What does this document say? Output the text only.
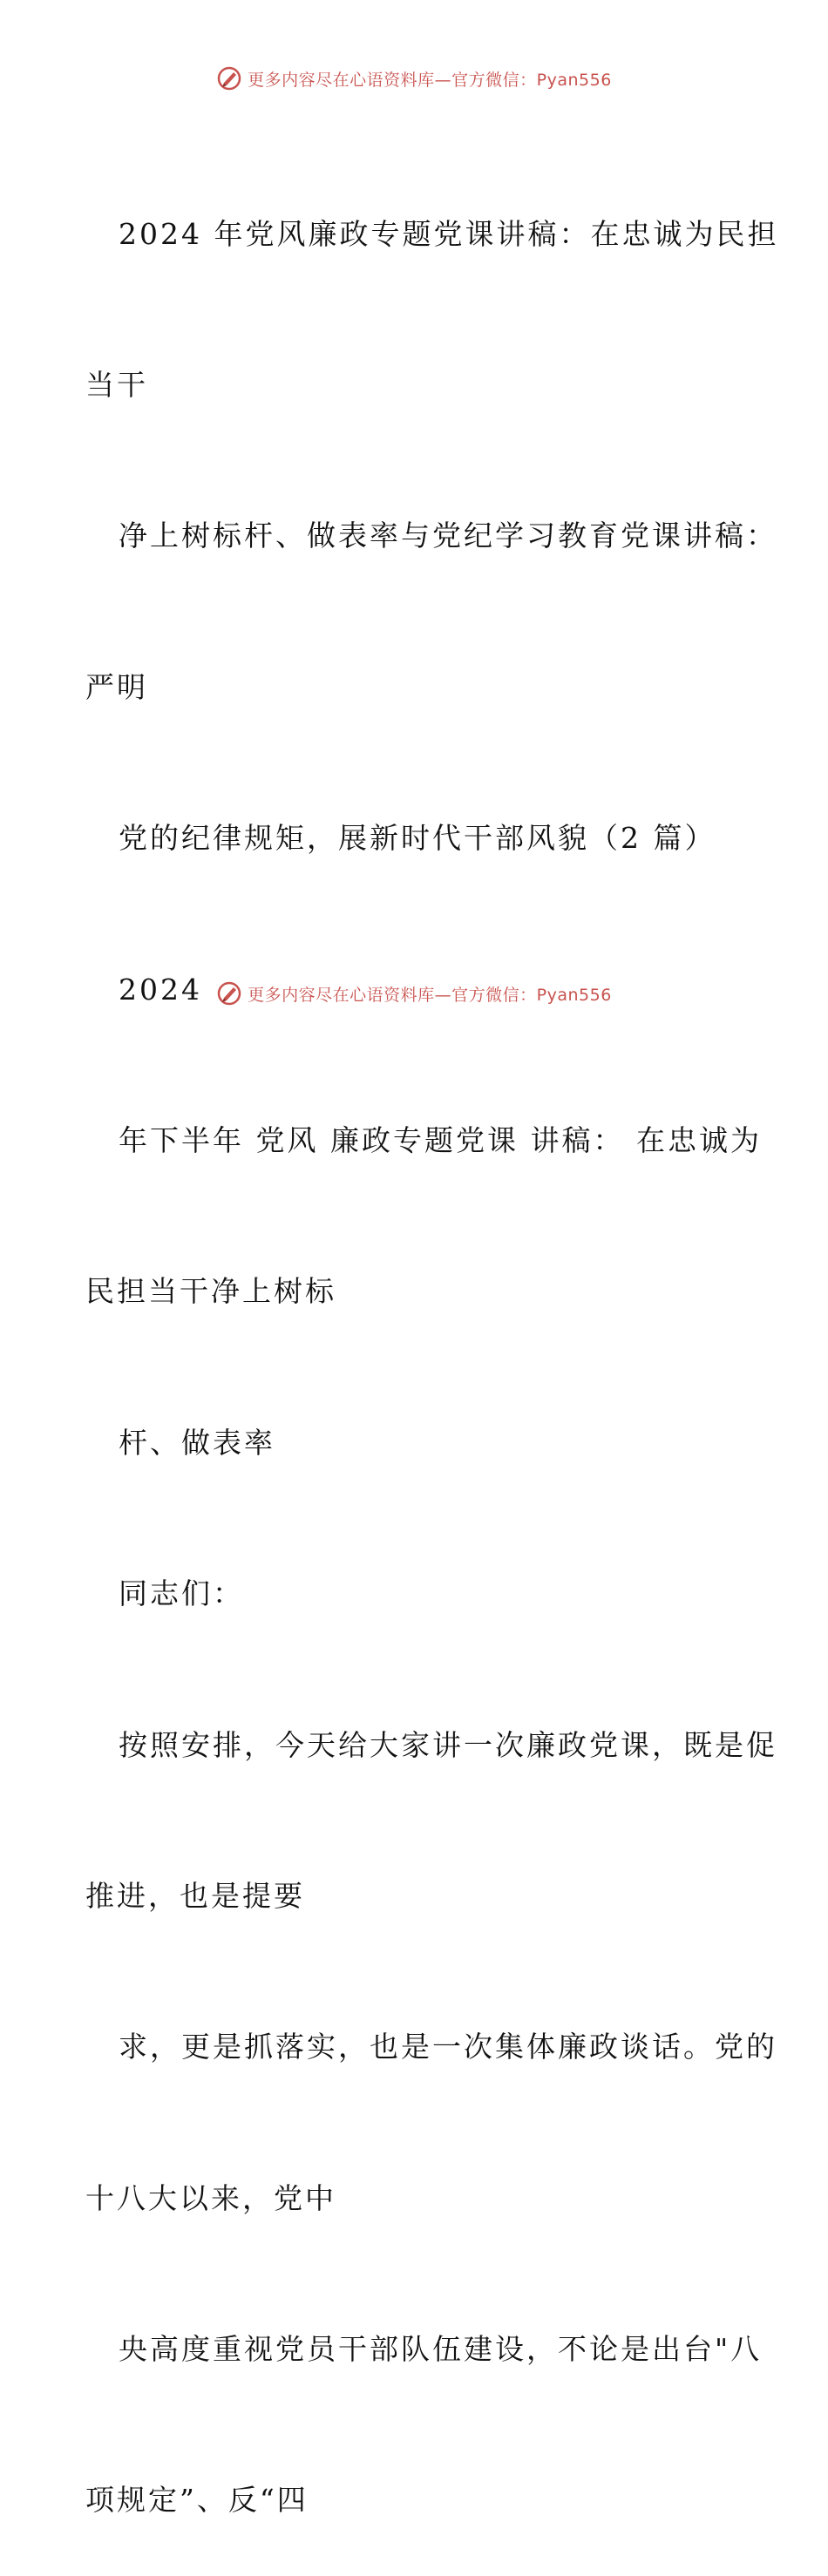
更多内容尽在心语资料库—官方微信：Pyan556

2024 年党风廉政专题党课讲稿：在忠诚为民担

当干

净上树标杆、做表率与党纪学习教育党课讲稿：

严明

党的纪律规矩，展新时代干部风貌（2 篇）

2024

年下半年 党风 廉政专题党课 讲稿： 在忠诚为

民担当干净上树标

杆、做表率

同志们：

按照安排，今天给大家讲一次廉政党课，既是促

推进，也是提要

求，更是抓落实，也是一次集体廉政谈话。党的

十八大以来，党中

央高度重视党员干部队伍建设，不论是出台"八

项规定”、反“四

更多内容尽在心语资料库—官方微信：Pyan556
